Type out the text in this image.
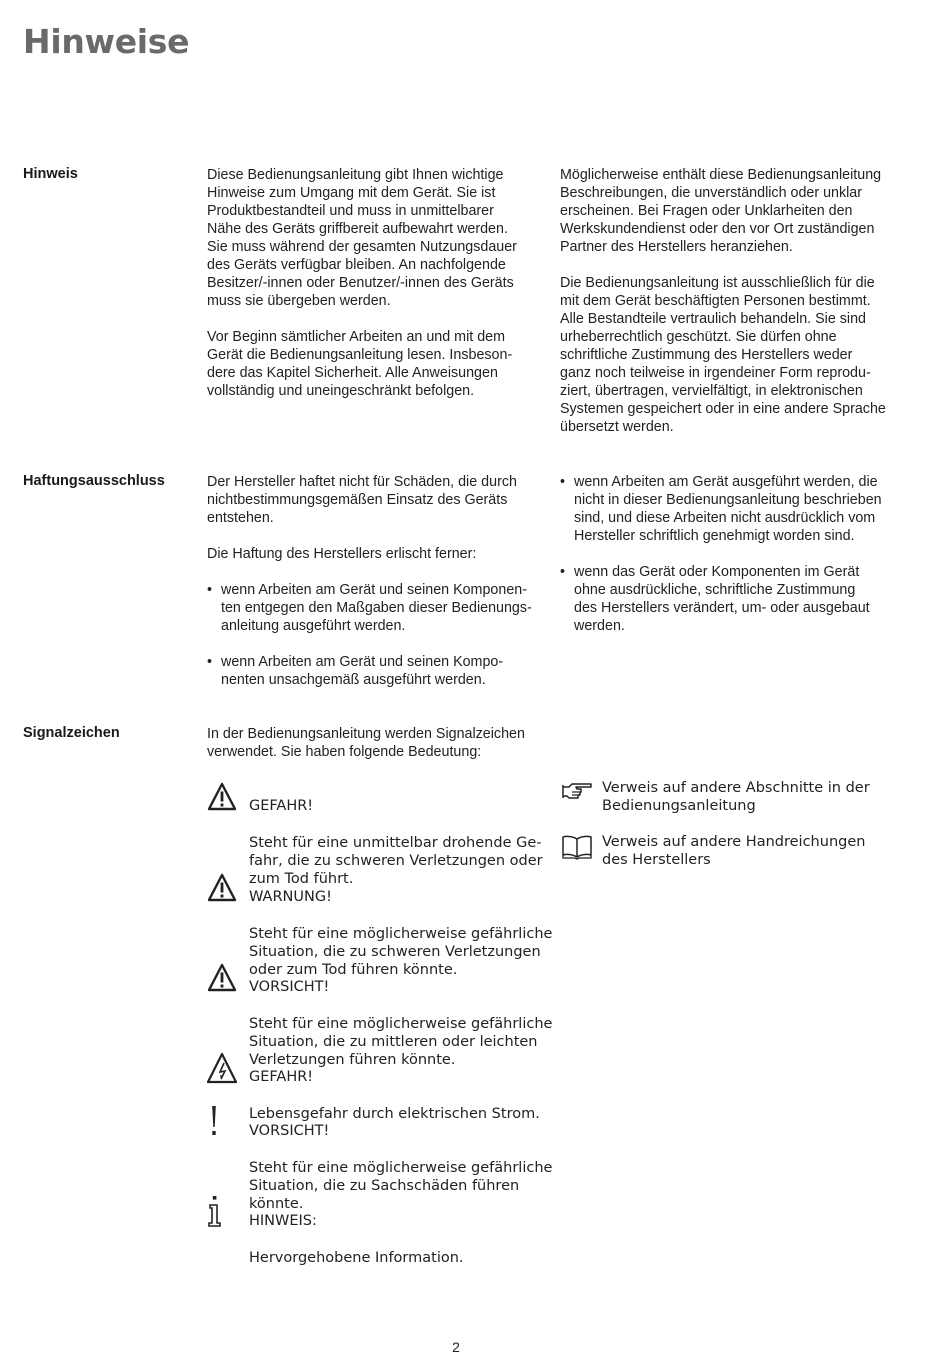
Hinweise
Hinweis	Diese Bedienungsanleitung gibt Ihnen wichtige
Hinweise zum Umgang mit dem Gerät. Sie ist
Produktbestandteil und muss in unmittelbarer
Nähe des Geräts griffbereit aufbewahrt werden.
Sie muss während der gesamten Nutzungsdauer
des Geräts verfügbar bleiben. An nachfolgende
Besitzer/-innen oder Benutzer/-innen des Geräts
muss sie übergeben werden.

Vor Beginn sämtlicher Arbeiten an und mit dem
Gerät die Bedienungsanleitung lesen. Insbeson-
dere das Kapitel Sicherheit. Alle Anweisungen
vollständig und uneingeschränkt befolgen.

Möglicherweise enthält diese Bedienungsanleitung
Beschreibungen, die unverständlich oder unklar
erscheinen. Bei Fragen oder Unklarheiten den
Werkskundendienst oder den vor Ort zuständigen
Partner des Herstellers heranziehen.

Die Bedienungsanleitung ist ausschließlich für die
mit dem Gerät beschäftigten Personen bestimmt.
Alle Bestandteile vertraulich behandeln. Sie sind
urheberrechtlich geschützt. Sie dürfen ohne
schriftliche Zustimmung des Herstellers weder
ganz noch teilweise in irgendeiner Form reprodu-
ziert, übertragen, vervielfältigt, in elektronischen
Systemen gespeichert oder in eine andere Sprache
übersetzt werden.

Haftungsausschluss	Der Hersteller haftet nicht für Schäden, die durch
nichtbestimmungsgemäßen Einsatz des Geräts
entstehen.

Die Haftung des Herstellers erlischt ferner:

• wenn Arbeiten am Gerät und seinen Komponen-
ten entgegen den Maßgaben dieser Bedienungs-
anleitung ausgeführt werden.
• wenn Arbeiten am Gerät und seinen Kompo-
nenten unsachgemäß ausgeführt werden.
• wenn Arbeiten am Gerät ausgeführt werden, die
nicht in dieser Bedienungsanleitung beschrieben
sind, und diese Arbeiten nicht ausdrücklich vom
Hersteller schriftlich genehmigt worden sind.
• wenn das Gerät oder Komponenten im Gerät
ohne ausdrückliche, schriftliche Zustimmung
des Herstellers verändert, um- oder ausgebaut
werden.
Signalzeichen	In der Bedienungsanleitung werden Signalzeichen
verwendet. Sie haben folgende Bedeutung:

GEFAHR!

Steht für eine unmittelbar drohende Ge-
fahr, die zu schweren Verletzungen oder
zum Tod führt.

WARNUNG!

Steht für eine möglicherweise gefährliche
Situation, die zu schweren Verletzungen
oder zum Tod führen könnte.

VORSICHT!

Steht für eine möglicherweise gefährliche
Situation, die zu mittleren oder leichten
Verletzungen führen könnte.

GEFAHR!

Lebensgefahr durch elektrischen Strom.

VORSICHT!

Steht für eine möglicherweise gefährliche
Situation, die zu Sachschäden führen
könnte.

HINWEIS:

Hervorgehobene Information.

Verweis auf andere Abschnitte in der
Bedienungsanleitung
Verweis auf andere Handreichungen
des Herstellers
2
